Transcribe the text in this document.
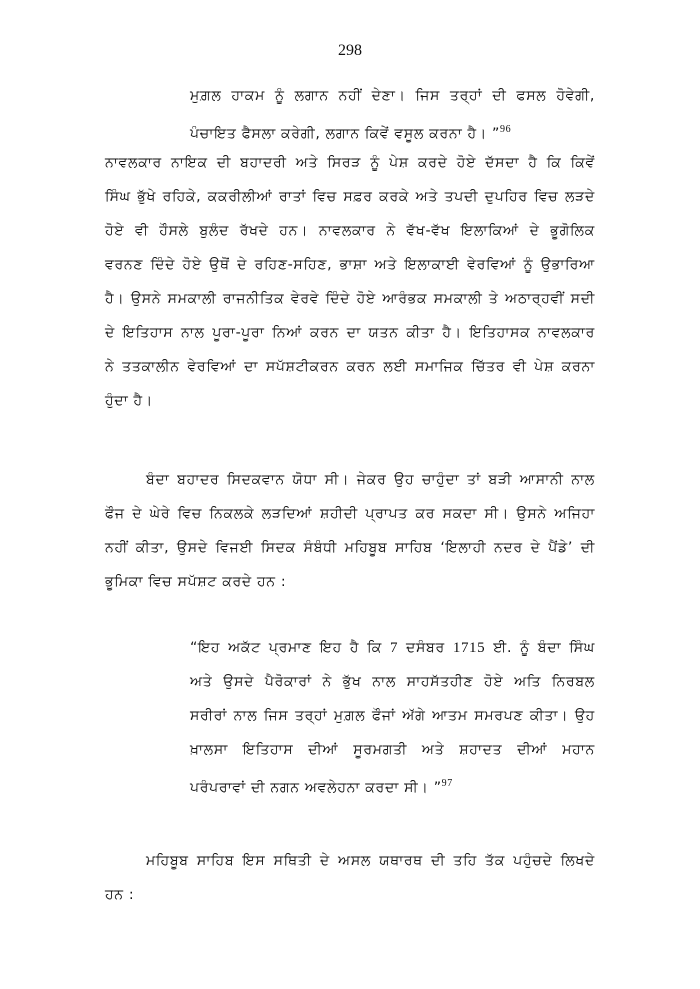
298
ਮੁਗ਼ਲ ਹਾਕਮ ਨੂੰ ਲਗਾਨ ਨਹੀਂ ਦੇਣਾ। ਜਿਸ ਤਰ੍ਹਾਂ ਦੀ ਫਸਲ ਹੋਵੇਗੀ,
ਪੰਚਾਇਤ ਫੈਸਲਾ ਕਰੇਗੀ, ਲਗਾਨ ਕਿਵੇਂ ਵਸੂਲ ਕਰਨਾ ਹੈ। ”$^{96}$
ਨਾਵਲਕਾਰ ਨਾਇਕ ਦੀ ਬਹਾਦਰੀ ਅਤੇ ਸਿਰੜ ਨੂੰ ਪੇਸ਼ ਕਰਦੇ ਹੋਏ ਦੱਸਦਾ ਹੈ ਕਿ ਕਿਵੇਂ
ਸਿੰਘ ਭੁੱਖੇ ਰਹਿਕੇ, ਕਕਰੀਲੀਆਂ ਰਾਤਾਂ ਵਿਚ ਸਫ਼ਰ ਕਰਕੇ ਅਤੇ ਤਪਦੀ ਦੁਪਹਿਰ ਵਿਚ ਲੜਦੇ
ਹੋਏ ਵੀ ਹੌਸਲੇ ਬੁਲੰਦ ਰੱਖਦੇ ਹਨ। ਨਾਵਲਕਾਰ ਨੇ ਵੱਖ-ਵੱਖ ਇਲਾਕਿਆਂ ਦੇ ਭੂਗੋਲਿਕ
ਵਰਨਣ ਦਿੰਦੇ ਹੋਏ ਉਥੋਂ ਦੇ ਰਹਿਣ-ਸਹਿਣ, ਭਾਸ਼ਾ ਅਤੇ ਇਲਾਕਾਈ ਵੇਰਵਿਆਂ ਨੂੰ ਉਭਾਰਿਆ
ਹੈ। ਉਸਨੇ ਸਮਕਾਲੀ ਰਾਜਨੀਤਿਕ ਵੇਰਵੇ ਦਿੰਦੇ ਹੋਏ ਆਰੰਭਕ ਸਮਕਾਲੀ ਤੇ ਅਠਾਰ੍ਹਵੀਂ ਸਦੀ
ਦੇ ਇਤਿਹਾਸ ਨਾਲ ਪੂਰਾ-ਪੂਰਾ ਨਿਆਂ ਕਰਨ ਦਾ ਯਤਨ ਕੀਤਾ ਹੈ। ਇਤਿਹਾਸਕ ਨਾਵਲਕਾਰ
ਨੇ ਤਤਕਾਲੀਨ ਵੇਰਵਿਆਂ ਦਾ ਸਪੱਸ਼ਟੀਕਰਨ ਕਰਨ ਲਈ ਸਮਾਜਿਕ ਚਿੱਤਰ ਵੀ ਪੇਸ਼ ਕਰਨਾ
ਹੁੰਦਾ ਹੈ।
ਬੰਦਾ ਬਹਾਦਰ ਸਿਦਕਵਾਨ ਯੋਧਾ ਸੀ। ਜੇਕਰ ਉਹ ਚਾਹੁੰਦਾ ਤਾਂ ਬੜੀ ਆਸਾਨੀ ਨਾਲ
ਫੌਜ ਦੇ ਘੇਰੇ ਵਿਚ ਨਿਕਲਕੇ ਲੜਦਿਆਂ ਸ਼ਹੀਦੀ ਪ੍ਰਾਪਤ ਕਰ ਸਕਦਾ ਸੀ। ਉਸਨੇ ਅਜਿਹਾ
ਨਹੀਂ ਕੀਤਾ, ਉਸਦੇ ਵਿਜਈ ਸਿਦਕ ਸੰਬੰਧੀ ਮਹਿਬੂਬ ਸਾਹਿਬ ‘ਇਲਾਹੀ ਨਦਰ ਦੇ ਪੈਂਡੇ’ ਦੀ
ਭੂਮਿਕਾ ਵਿਚ ਸਪੱਸ਼ਟ ਕਰਦੇ ਹਨ :
“ਇਹ ਅਕੱਟ ਪ੍ਰਮਾਣ ਇਹ ਹੈ ਕਿ 7 ਦਸੰਬਰ 1715 ਈ. ਨੂੰ ਬੰਦਾ ਸਿੰਘ
ਅਤੇ ਉਸਦੇ ਪੈਰੋਕਾਰਾਂ ਨੇ ਭੁੱਖ ਨਾਲ ਸਾਹਸੱਤਹੀਣ ਹੋਏ ਅਤਿ ਨਿਰਬਲ
ਸਰੀਰਾਂ ਨਾਲ ਜਿਸ ਤਰ੍ਹਾਂ ਮੁਗ਼ਲ ਫੌਜਾਂ ਅੱਗੇ ਆਤਮ ਸਮਰਪਣ ਕੀਤਾ। ਉਹ
ਖ਼ਾਲਸਾ ਇਤਿਹਾਸ ਦੀਆਂ ਸੂਰਮਗਤੀ ਅਤੇ ਸ਼ਹਾਦਤ ਦੀਆਂ ਮਹਾਨ
ਪਰੰਪਰਾਵਾਂ ਦੀ ਨਗਨ ਅਵਲੇਹਨਾ ਕਰਦਾ ਸੀ। ”$^{97}$
ਮਹਿਬੂਬ ਸਾਹਿਬ ਇਸ ਸਥਿਤੀ ਦੇ ਅਸਲ ਯਥਾਰਥ ਦੀ ਤਹਿ ਤੱਕ ਪਹੁੰਚਦੇ ਲਿਖਦੇ
ਹਨ :
